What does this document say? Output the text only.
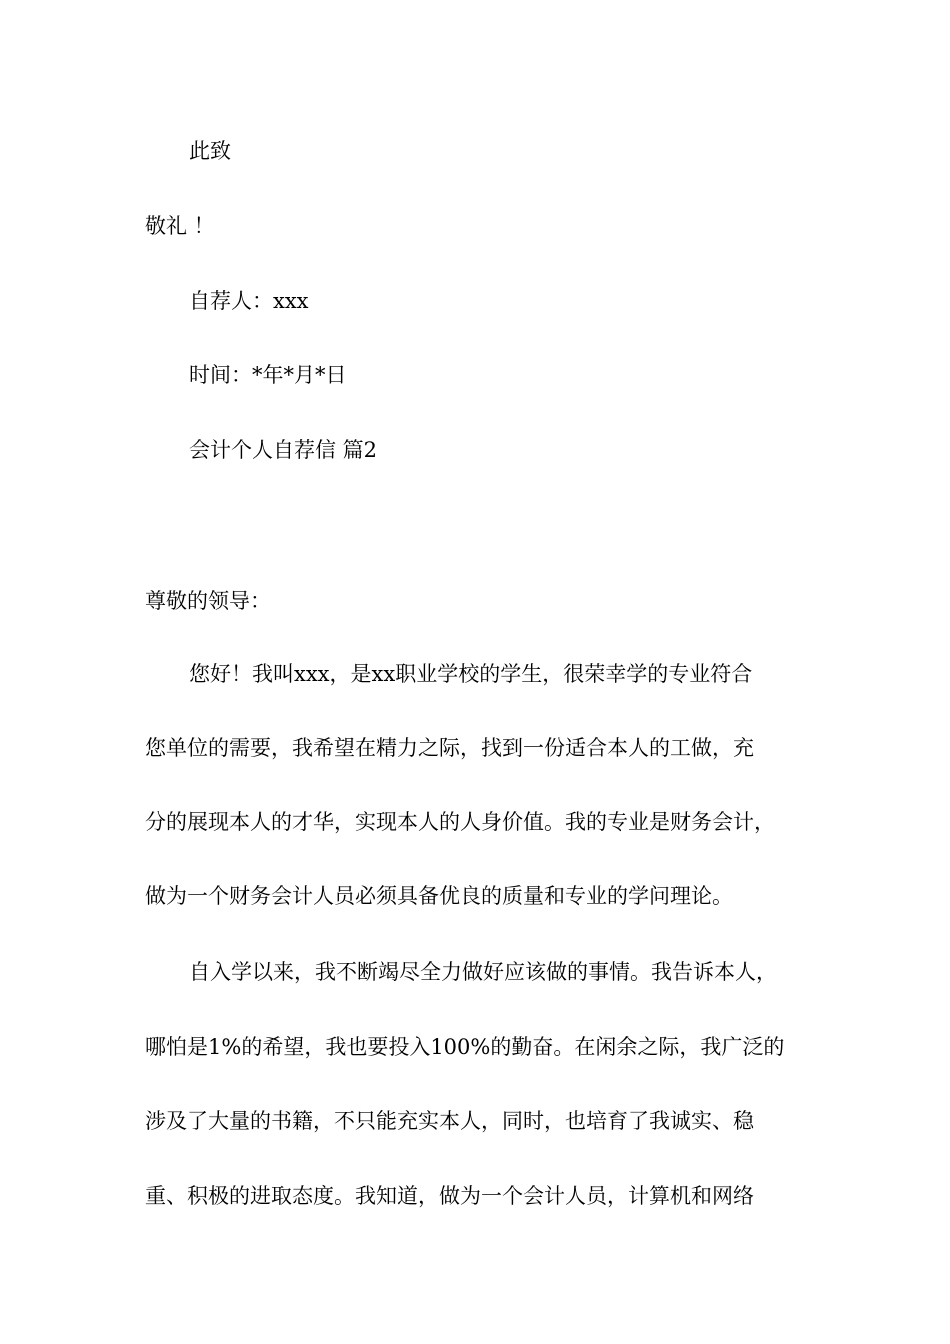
此致
敬礼 ！
自荐人：xxx
时间：*年*月*日
会计个人自荐信 篇2
尊敬的领导：
您好！我叫xxx，是xx职业学校的学生，很荣幸学的专业符合
您单位的需要，我希望在精力之际，找到一份适合本人的工做，充
分的展现本人的才华，实现本人的人身价值。我的专业是财务会计，
做为一个财务会计人员必须具备优良的质量和专业的学问理论。
自入学以来，我不断竭尽全力做好应该做的事情。我告诉本人，
哪怕是1%的希望，我也要投入100%的勤奋。在闲余之际，我广泛的
涉及了大量的书籍，不只能充实本人，同时，也培育了我诚实、稳
重、积极的进取态度。我知道，做为一个会计人员，计算机和网络
